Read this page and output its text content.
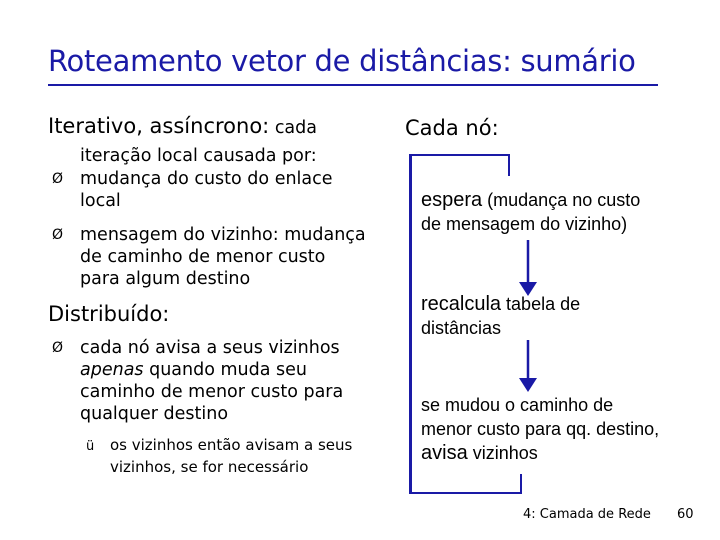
Roteamento vetor de distâncias: sumário
Iterativo, assíncrono: cada
iteração local causada por:
Ø mudança do custo do enlace
local
Ø mensagem do vizinho: mudança
de caminho de menor custo
para algum destino
Distribuído:
Ø cada nó avisa a seus vizinhos
apenas quando muda seu
caminho de menor custo para
qualquer destino
ü os vizinhos então avisam a seus
vizinhos, se for necessário
Cada nó:
espera (mudança no custo
de mensagem do vizinho)
recalcula tabela de
distâncias
se mudou o caminho de
menor custo para qq. destino,
avisa vizinhos
4: Camada de Rede 60
